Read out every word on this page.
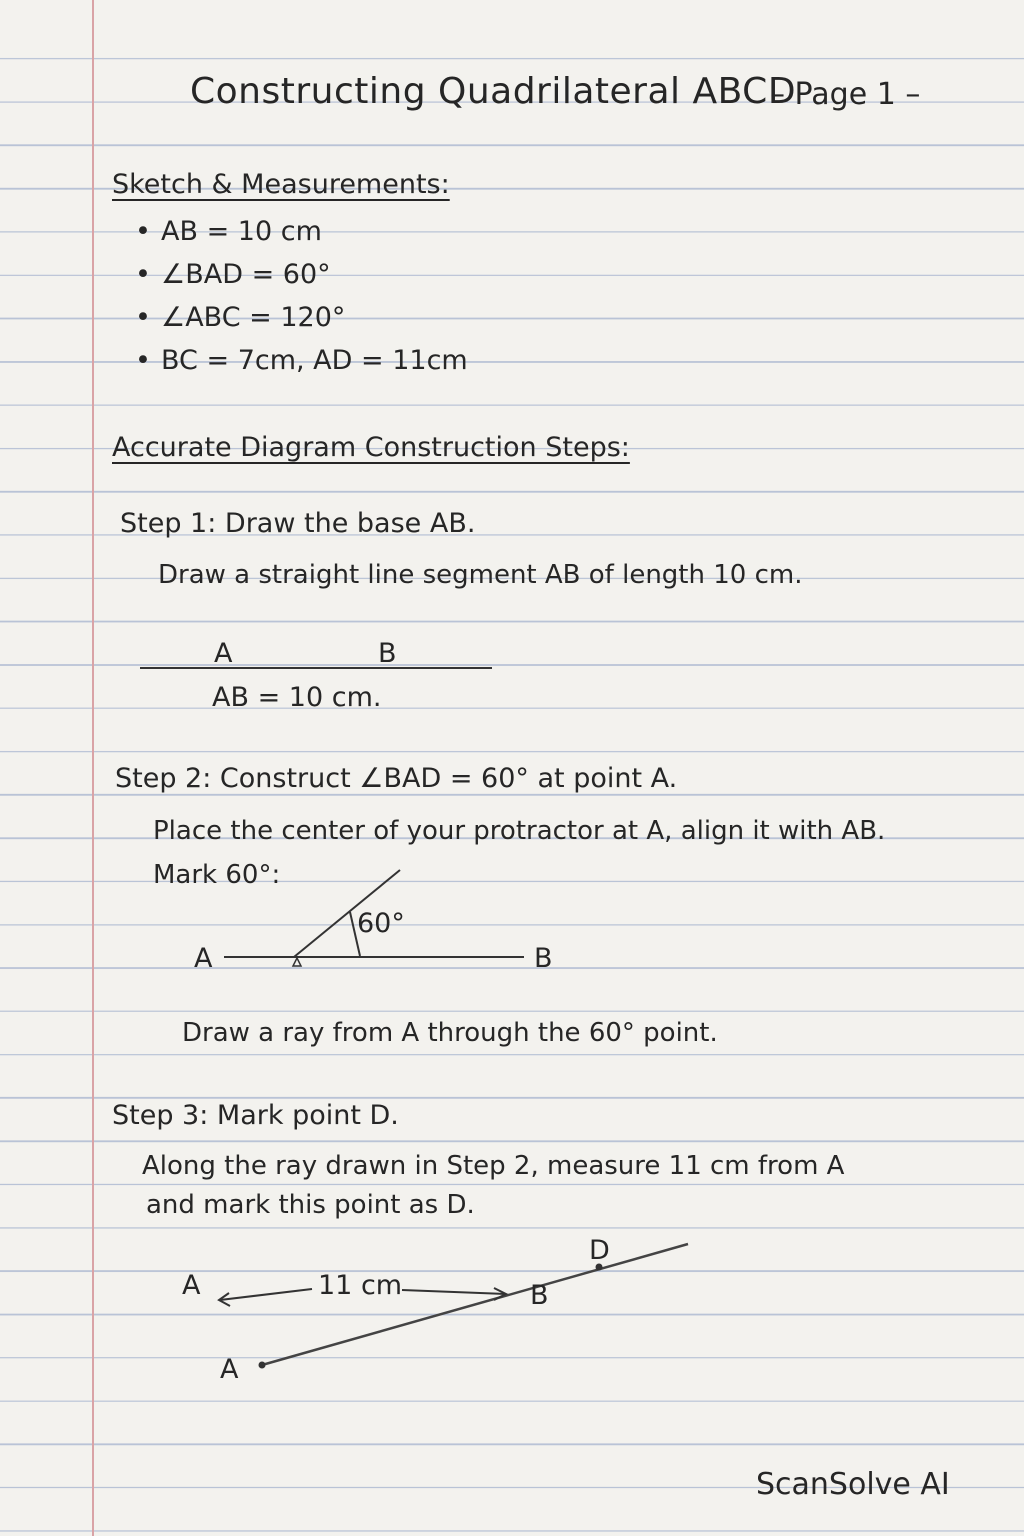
Constructing Quadrilateral ABCD
– Page 1 –
Sketch & Measurements:
• AB = 10 cm
• ∠BAD = 60°
• ∠ABC = 120°
• BC = 7cm, AD = 11cm
Accurate Diagram Construction Steps:
Step 1: Draw the base AB.
Draw a straight line segment AB of length 10 cm.
A	B
AB = 10 cm.
Step 2: Construct ∠BAD = 60° at point A.
Place the center of your protractor at A, align it with AB.
Mark 60°:
A	B
60°
Draw a ray from A through the 60° point.
Step 3: Mark point D.
Along the ray drawn in Step 2, measure 11 cm from A
and mark this point as D.
A	11 cm	B
D
A
ScanSolve AI
